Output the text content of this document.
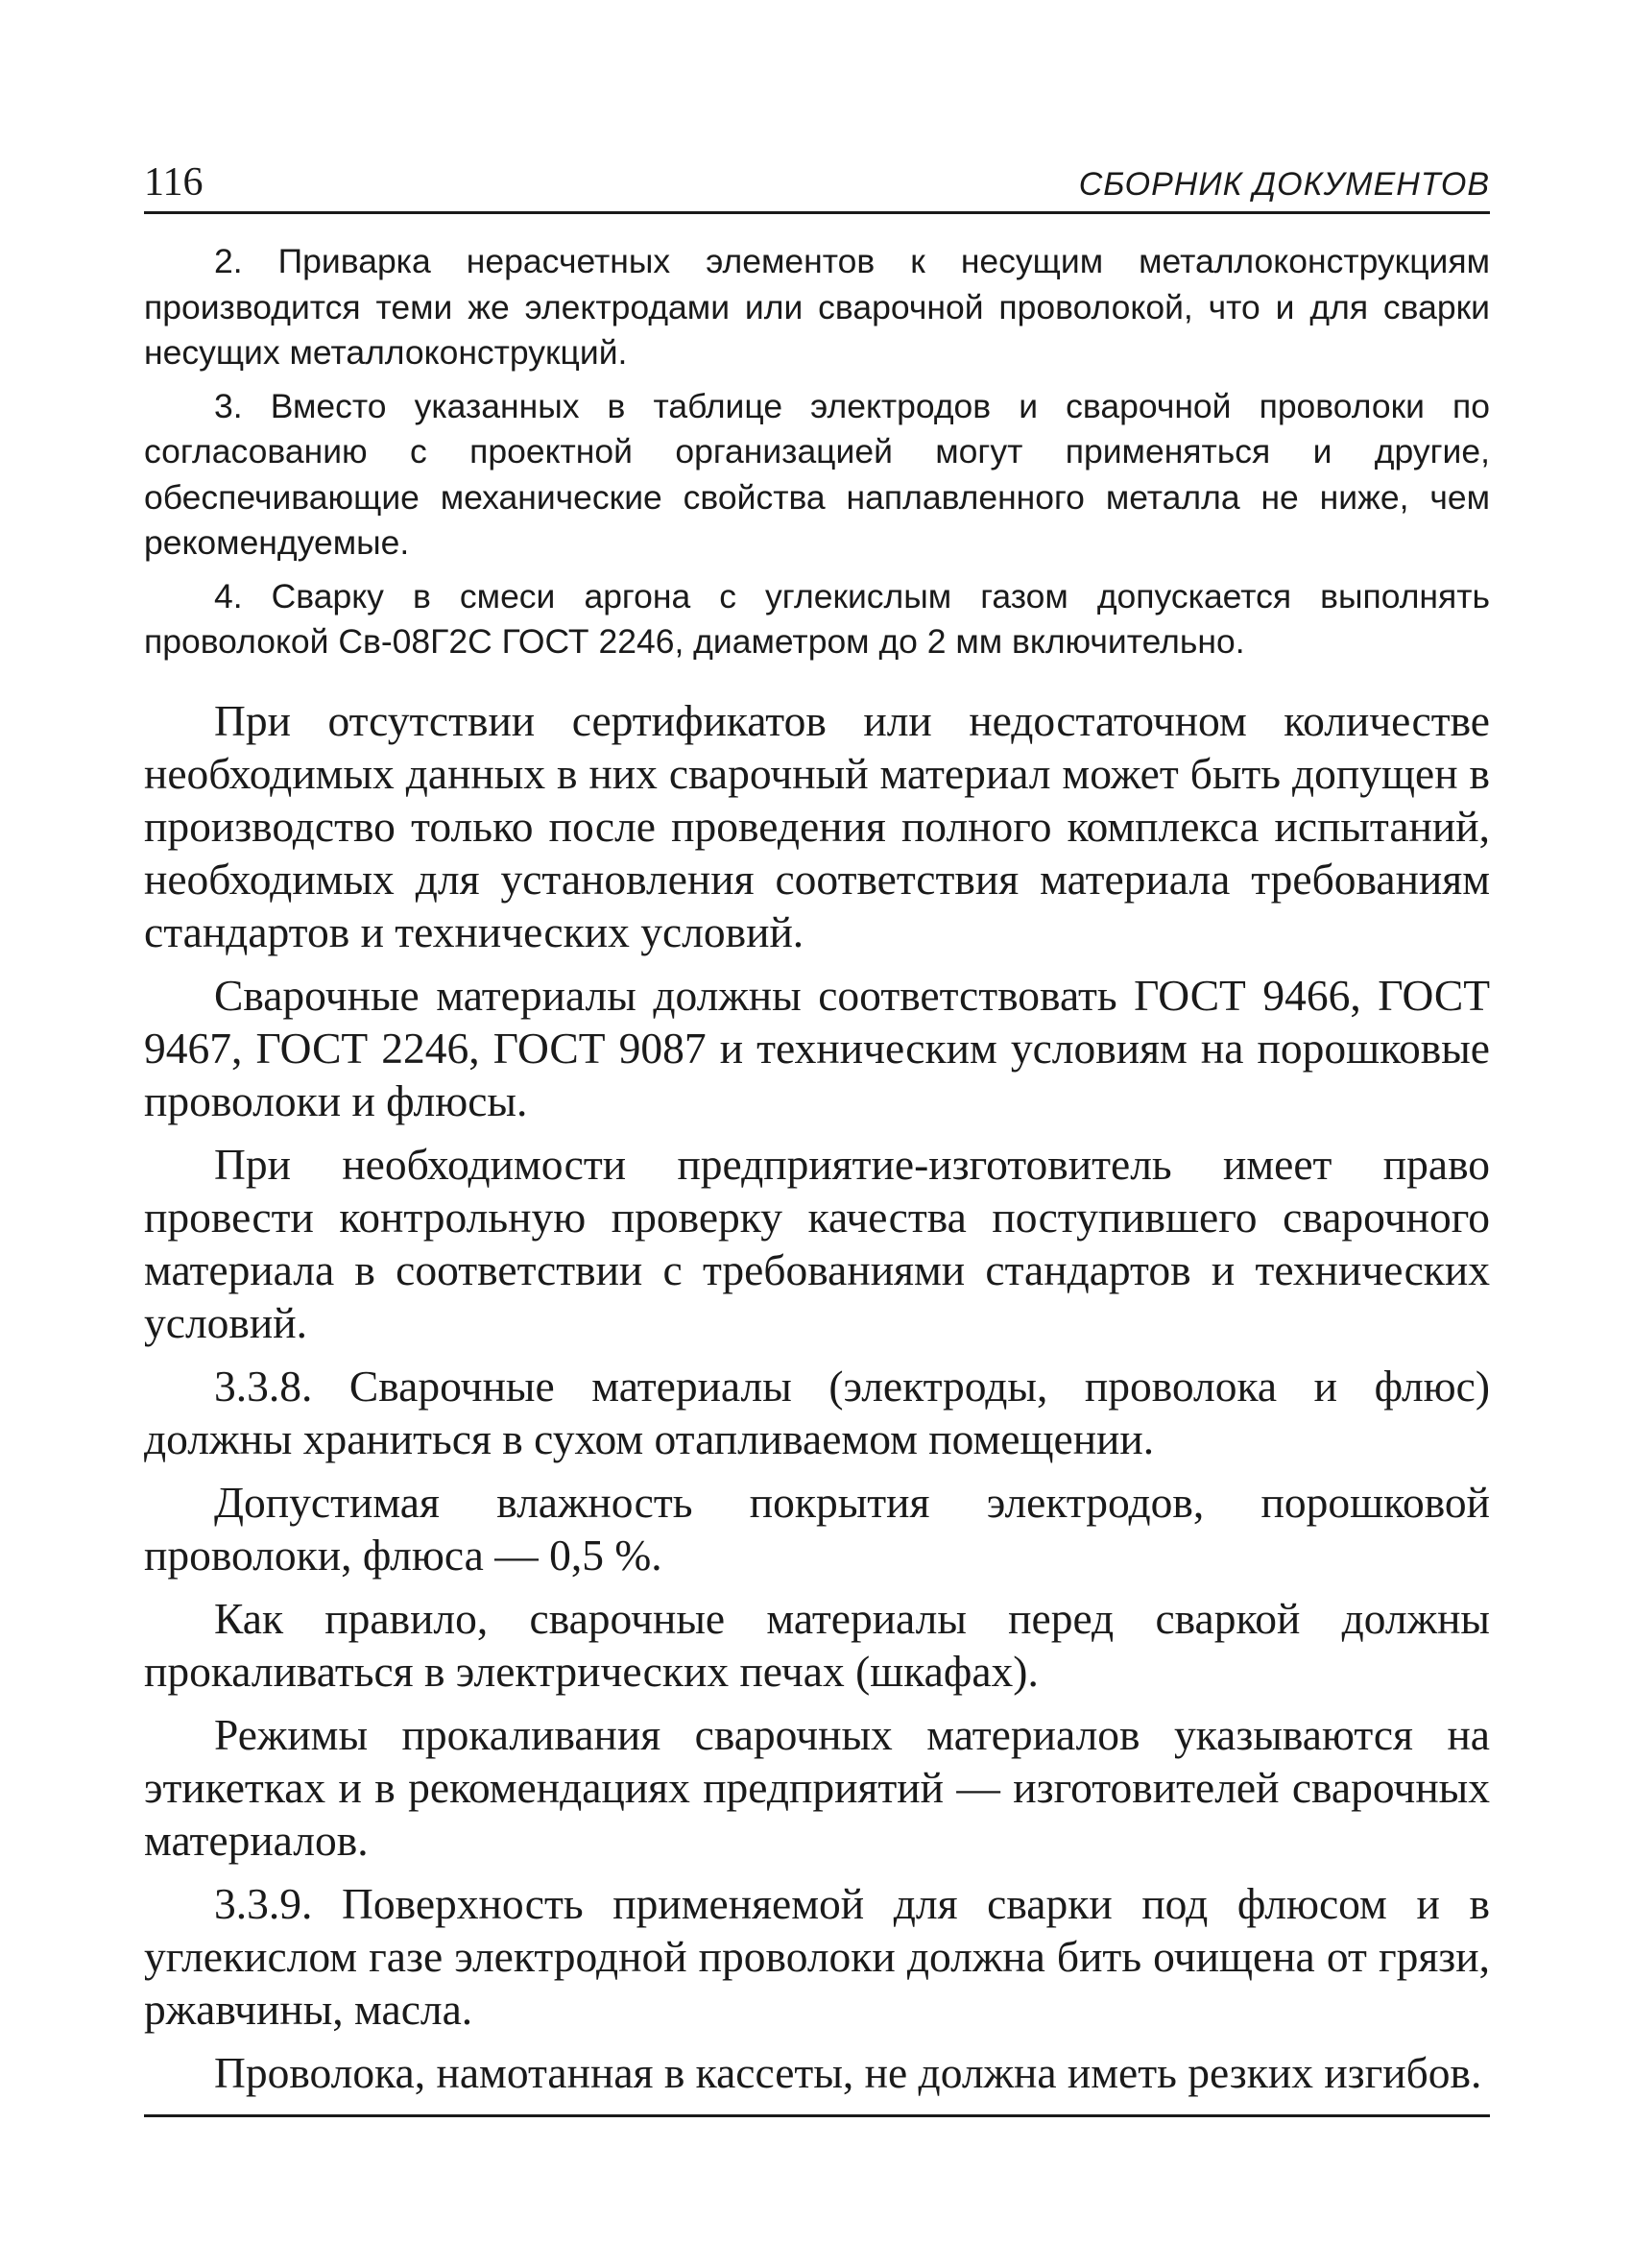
116	СБОРНИК ДОКУМЕНТОВ

2. Приварка нерасчетных элементов к несущим металлоконструкциям производится теми же электродами или сварочной проволокой, что и для сварки несущих металлоконструкций.

3. Вместо указанных в таблице электродов и сварочной проволоки по согласованию с проектной организацией могут применяться и другие, обеспечивающие механические свойства наплавленного металла не ниже, чем рекомендуемые.

4. Сварку в смеси аргона с углекислым газом допускается выполнять проволокой Св-08Г2С ГОСТ 2246, диаметром до 2 мм включительно.

При отсутствии сертификатов или недостаточном количестве необходимых данных в них сварочный материал может быть допущен в производство только после проведения полного комплекса испытаний, необходимых для установления соответствия материала требованиям стандартов и технических условий.

Сварочные материалы должны соответствовать ГОСТ 9466, ГОСТ 9467, ГОСТ 2246, ГОСТ 9087 и техническим условиям на порошковые проволоки и флюсы.

При необходимости предприятие-изготовитель имеет право провести контрольную проверку качества поступившего сварочного материала в соответствии с требованиями стандартов и технических условий.

3.3.8. Сварочные материалы (электроды, проволока и флюс) должны храниться в сухом отапливаемом помещении.

Допустимая влажность покрытия электродов, порошковой проволоки, флюса — 0,5 %.

Как правило, сварочные материалы перед сваркой должны прокаливаться в электрических печах (шкафах).

Режимы прокаливания сварочных материалов указываются на этикетках и в рекомендациях предприятий — изготовителей сварочных материалов.

3.3.9. Поверхность применяемой для сварки под флюсом и в углекислом газе электродной проволоки должна бить очищена от грязи, ржавчины, масла.

Проволока, намотанная в кассеты, не должна иметь резких изгибов.
